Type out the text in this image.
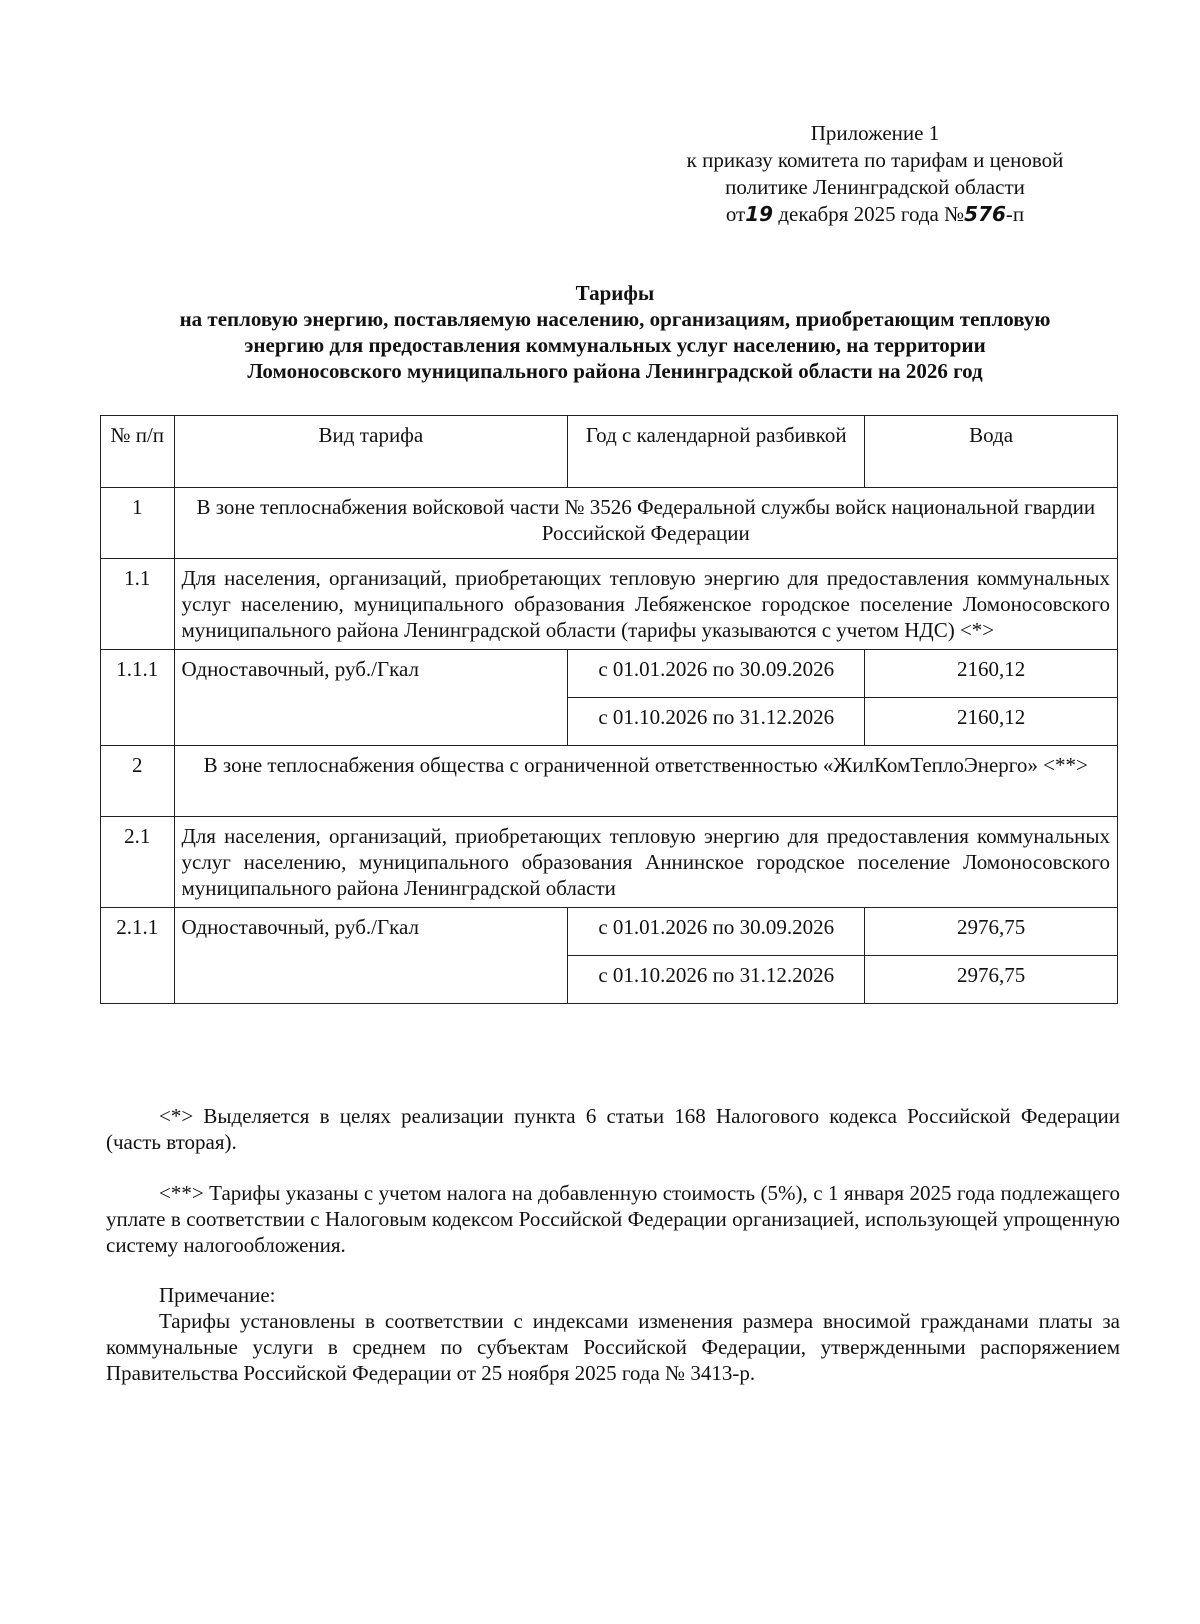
Приложение 1
к приказу комитета по тарифам и ценовой
политике Ленинградской области
от19 декабря 2025 года №576-п
Тарифы
на тепловую энергию, поставляемую населению, организациям, приобретающим тепловую
энергию для предоставления коммунальных услуг населению, на территории
Ломоносовского муниципального района Ленинградской области на 2026 год
№ п/п	Вид тарифа	Год с календарной разбивкой	Вода
1	В зоне теплоснабжения войсковой части № 3526 Федеральной службы войск национальной гвардии Российской Федерации		
1.1	Для населения, организаций, приобретающих тепловую энергию для предоставления коммунальных услуг населению, муниципального образования Лебяженское городское поселение Ломоносовского муниципального района Ленинградской области (тарифы указываются с учетом НДС) <*>		
1.1.1	Одноставочный, руб./Гкал	с 01.01.2026 по 30.09.2026	2160,12
		с 01.10.2026 по 31.12.2026	2160,12
2	В зоне теплоснабжения общества с ограниченной ответственностью «ЖилКомТеплоЭнерго» <**>		
2.1	Для населения, организаций, приобретающих тепловую энергию для предоставления коммунальных услуг населению, муниципального образования Аннинское городское поселение Ломоносовского муниципального района Ленинградской области		
2.1.1	Одноставочный, руб./Гкал	с 01.01.2026 по 30.09.2026	2976,75
		с 01.10.2026 по 31.12.2026	2976,75
<*> Выделяется в целях реализации пункта 6 статьи 168 Налогового кодекса Российской Федерации (часть вторая).
<**> Тарифы указаны с учетом налога на добавленную стоимость (5%), с 1 января 2025 года подлежащего уплате в соответствии с Налоговым кодексом Российской Федерации организацией, использующей упрощенную систему налогообложения.
Примечание:
Тарифы установлены в соответствии с индексами изменения размера вносимой гражданами платы за коммунальные услуги в среднем по субъектам Российской Федерации, утвержденными распоряжением Правительства Российской Федерации от 25 ноября 2025 года № 3413-р.
